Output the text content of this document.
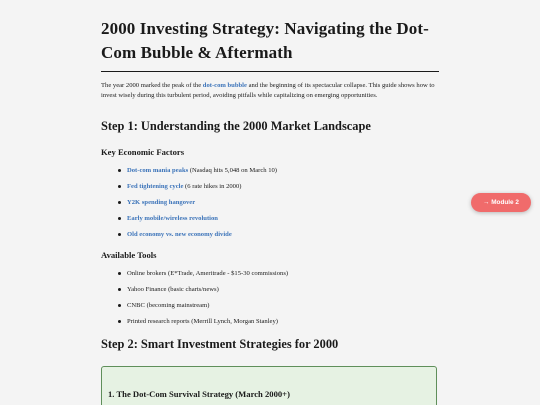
2000 Investing Strategy: Navigating the Dot-Com Bubble & Aftermath

The year 2000 marked the peak of the dot-com bubble and the beginning of its spectacular collapse. This guide shows how to invest wisely during this turbulent period, avoiding pitfalls while capitalizing on emerging opportunities.

Step 1: Understanding the 2000 Market Landscape
Key Economic Factors
Dot-com mania peaks (Nasdaq hits 5,048 on March 10)
Fed tightening cycle (6 rate hikes in 2000)
Y2K spending hangover
Early mobile/wireless revolution
Old economy vs. new economy divide
Available Tools
Online brokers (E*Trade, Ameritrade - $15-30 commissions)
Yahoo Finance (basic charts/news)
CNBC (becoming mainstream)
Printed research reports (Merrill Lynch, Morgan Stanley)
Step 2: Smart Investment Strategies for 2000
1. The Dot-Com Survival Strategy (March 2000+)
→ Module 2
